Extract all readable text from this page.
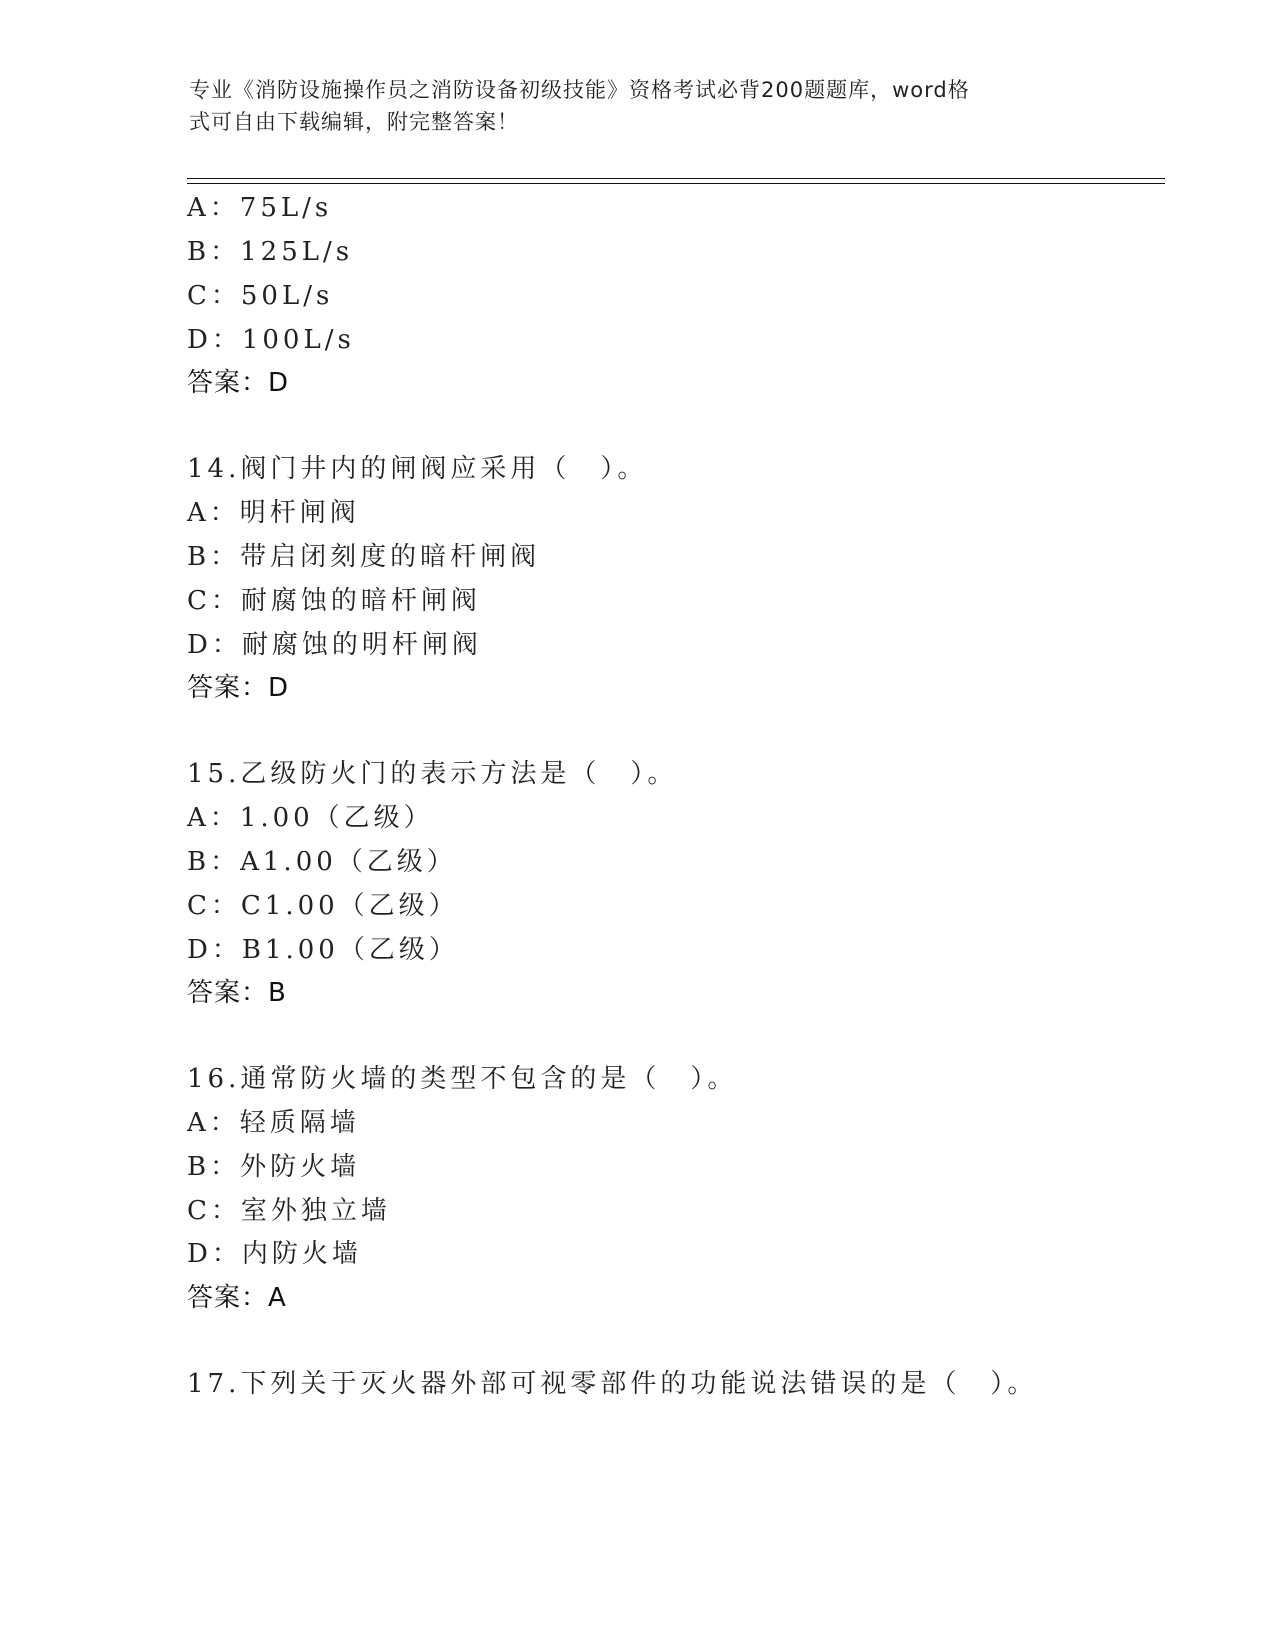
专业《消防设施操作员之消防设备初级技能》资格考试必背200题题库，word格
式可自由下载编辑，附完整答案！
A：75L/s
B：125L/s
C：50L/s
D：100L/s
答案：D
14.阀门井内的闸阀应采用（　）。
A：明杆闸阀
B：带启闭刻度的暗杆闸阀
C：耐腐蚀的暗杆闸阀
D：耐腐蚀的明杆闸阀
答案：D
15.乙级防火门的表示方法是（　）。
A：1.00（乙级）
B：A1.00（乙级）
C：C1.00（乙级）
D：B1.00（乙级）
答案：B
16.通常防火墙的类型不包含的是（　）。
A：轻质隔墙
B：外防火墙
C：室外独立墙
D：内防火墙
答案：A
17.下列关于灭火器外部可视零部件的功能说法错误的是（　）。
